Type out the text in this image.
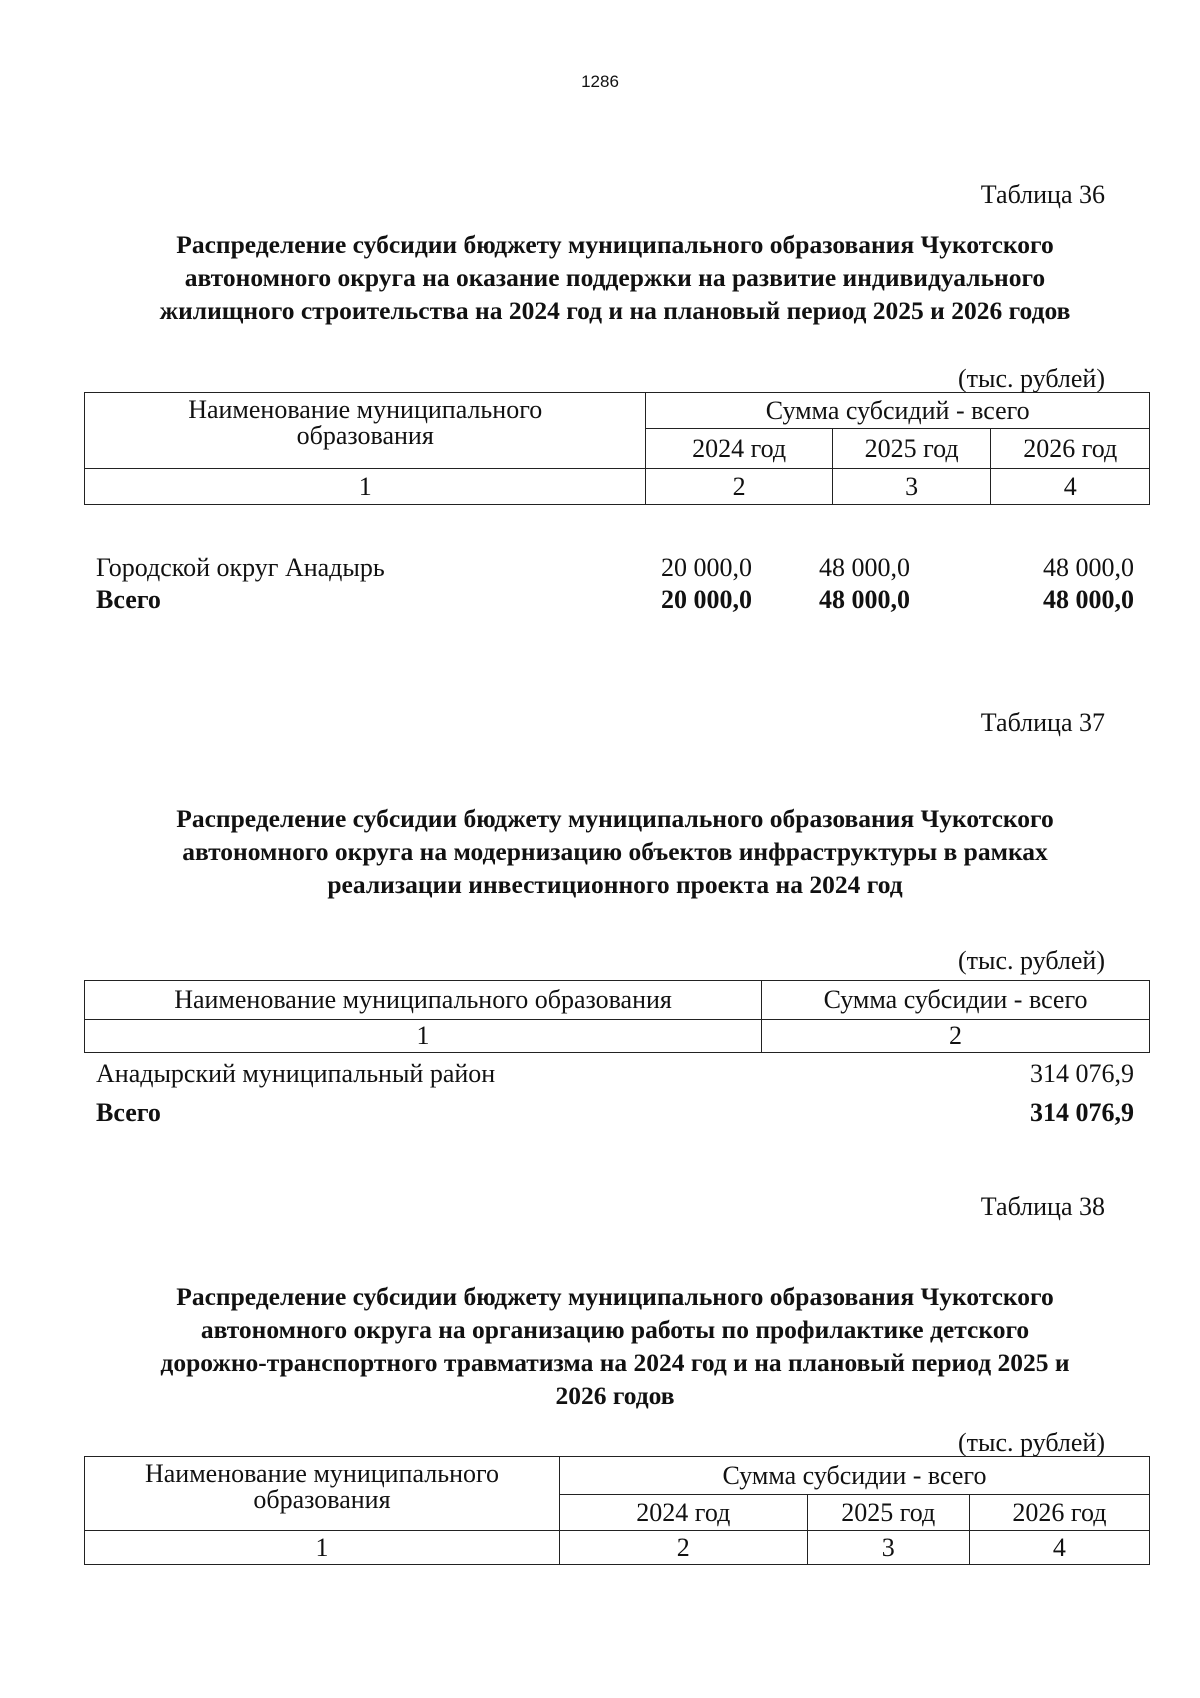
1286
Таблица 36
Распределение субсидии бюджету муниципального образования Чукотского
автономного округа на оказание поддержки на развитие индивидуального
жилищного строительства на 2024 год и на плановый период 2025 и 2026 годов
(тыс. рублей)
Наименование муниципального
образования	Сумма субсидий - всего		
	2024 год	2025 год	2026 год
1	2	3	4
Городской округ Анадырь	20 000,0	48 000,0	48 000,0
Всего	20 000,0	48 000,0	48 000,0
Таблица 37
Распределение субсидии бюджету муниципального образования Чукотского
автономного округа на модернизацию объектов инфраструктуры в рамках
реализации инвестиционного проекта на 2024 год
(тыс. рублей)
Наименование муниципального образования	Сумма субсидии - всего
1	2
Анадырский муниципальный район	314 076,9
Всего	314 076,9
Таблица 38
Распределение субсидии бюджету муниципального образования Чукотского
автономного округа на организацию работы по профилактике детского
дорожно-транспортного травматизма на 2024 год и на плановый период 2025 и
2026 годов
(тыс. рублей)
Наименование муниципального
образования	Сумма субсидии - всего		
	2024 год	2025 год	2026 год
1	2	3	4
